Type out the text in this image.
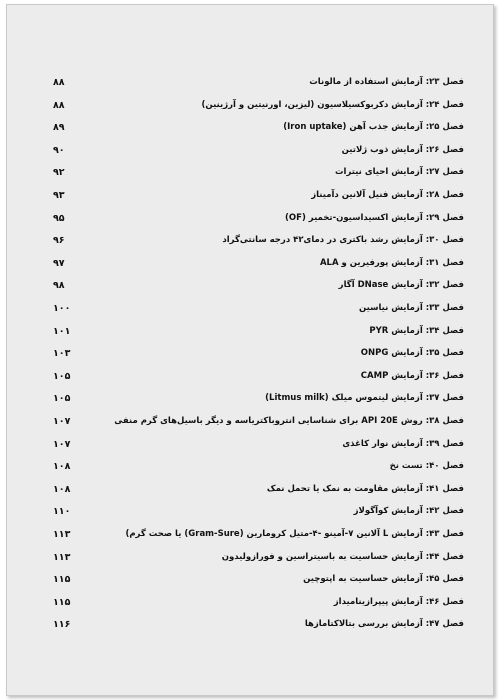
۸۸	فصل ۲۳: آزمایش استفاده از مالونات
۸۸	فصل ۲۴: آزمایش دکربوکسیلاسیون (لیزین، اورنیتین و آرژینین)
۸۹	فصل ۲۵: آزمایش جذب آهن (Iron uptake)
۹۰	فصل ۲۶: آزمایش ذوب ژلاتین
۹۲	فصل ۲۷: آزمایش احیای نیترات
۹۳	فصل ۲۸: آزمایش فنیل آلانین دآمیناز
۹۵	فصل ۲۹: آزمایش اکسیداسیون-تخمیر (OF)
۹۶	فصل ۳۰: آزمایش رشد باکتری در دمای۴۲ درجه سانتی‌گراد
۹۷	فصل ۳۱: آزمایش پورفیرین و ALA
۹۸	فصل ۳۲: آزمایش DNase آگار
۱۰۰	فصل ۳۳: آزمایش نیاسین
۱۰۱	فصل ۳۴: آزمایش PYR
۱۰۳	فصل ۳۵: آزمایش ONPG
۱۰۵	فصل ۳۶: آزمایش CAMP
۱۰۵	فصل ۳۷: آزمایش لیتموس میلک (Litmus milk)
۱۰۷	فصل ۳۸: روش API 20E برای شناسایی انتروباکتریاسه و دیگر باسیل‌های گرم منفی
۱۰۷	فصل ۳۹: آزمایش نوار کاغذی
۱۰۸	فصل ۴۰: تست نخ
۱۰۸	فصل ۴۱: آزمایش مقاومت به نمک یا تحمل نمک
۱۱۰	فصل ۴۲: آزمایش کوآگولاز
۱۱۳	فصل ۴۳: آزمایش L آلانین ۷-آمینو -۴-متیل کرومارین (Gram-Sure) یا صحت گرم)
۱۱۳	فصل ۴۴: آزمایش حساسیت به باسیتراسین و فورازولیدون
۱۱۵	فصل ۴۵: آزمایش حساسیت به اپتوچین
۱۱۵	فصل ۴۶: آزمایش پیپرازینامیداز
۱۱۶	فصل ۴۷: آزمایش بررسی بتالاکتامازها
